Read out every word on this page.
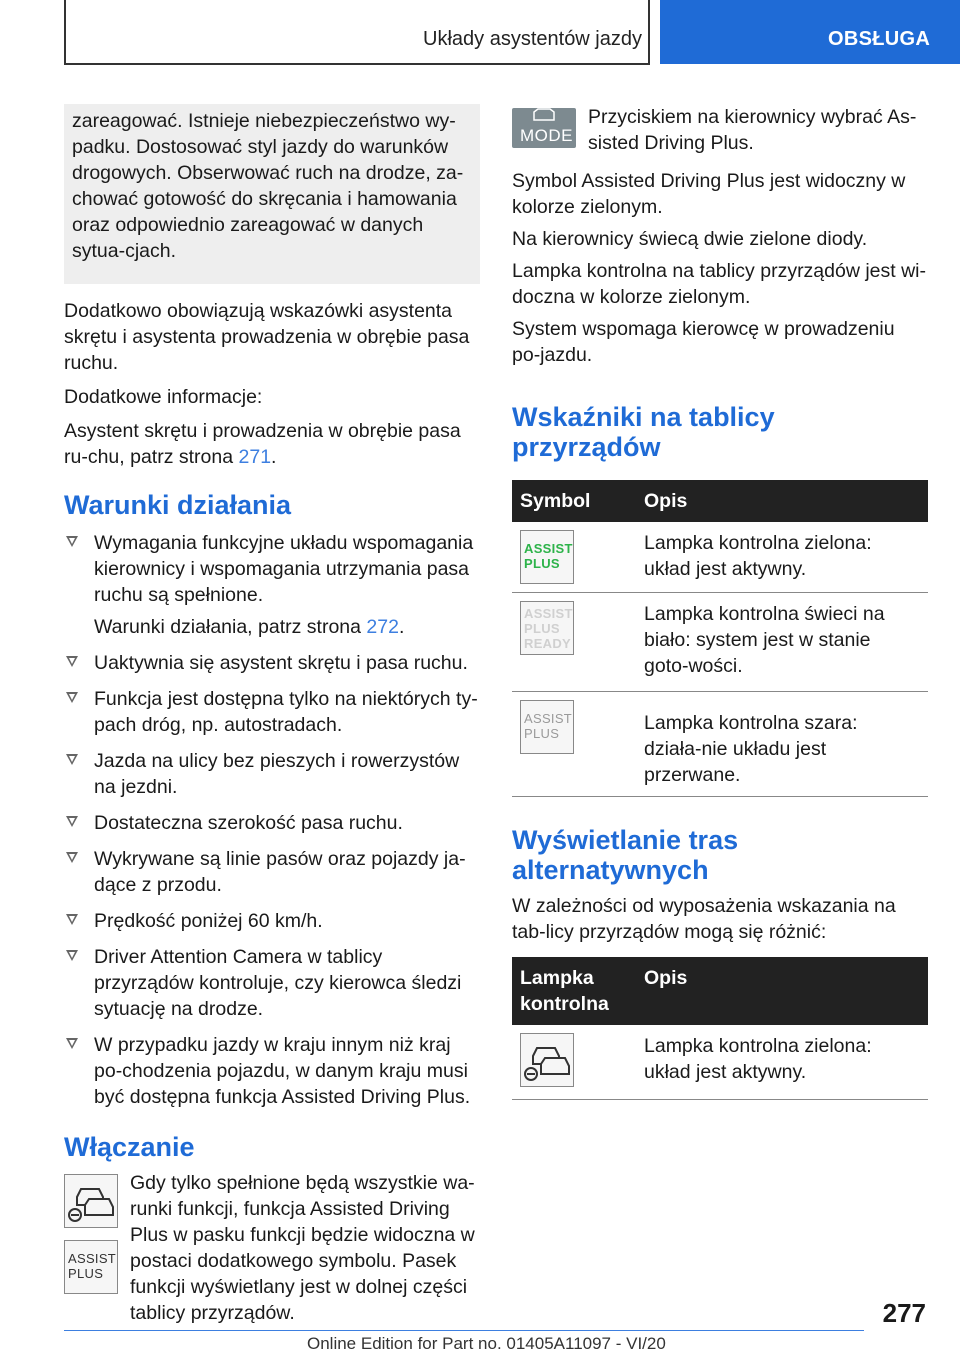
Układy asystentów jazdy	OBSŁUGA
zareagować. Istnieje niebezpieczeństwo wy-padku. Dostosować styl jazdy do warunków drogowych. Obserwować ruch na drodze, za-chować gotowość do skręcania i hamowania oraz odpowiednio zareagować w danych sytua-cjach.

Dodatkowo obowiązują wskazówki asystenta skrętu i asystenta prowadzenia w obrębie pasa ruchu.

Dodatkowe informacje:

Asystent skrętu i prowadzenia w obrębie pasa ru-chu, patrz strona 271.

Warunki działania
Wymagania funkcyjne układu wspomagania kierownicy i wspomagania utrzymania pasa ruchu są spełnione.
Warunki działania, patrz strona 272.
Uaktywnia się asystent skrętu i pasa ruchu.
Funkcja jest dostępna tylko na niektórych ty-pach dróg, np. autostradach.
Jazda na ulicy bez pieszych i rowerzystów na jezdni.
Dostateczna szerokość pasa ruchu.
Wykrywane są linie pasów oraz pojazdy ja-dące z przodu.
Prędkość poniżej 60 km/h.
Driver Attention Camera w tablicy przyrządów kontroluje, czy kierowca śledzi sytuację na drodze.
W przypadku jazdy w kraju innym niż kraj po-chodzenia pojazdu, w danym kraju musi być dostępna funkcja Assisted Driving Plus.
Włączanie
ASSIST PLUS

Gdy tylko spełnione będą wszystkie wa-runki funkcji, funkcja Assisted Driving Plus w pasku funkcji będzie widoczna w postaci dodatkowego symbolu. Pasek funkcji wyświetlany jest w dolnej części tablicy przyrządów.

MODE

Przyciskiem na kierownicy wybrać As-sisted Driving Plus.

Symbol Assisted Driving Plus jest widoczny w kolorze zielonym.

Na kierownicy świecą dwie zielone diody.

Lampka kontrolna na tablicy przyrządów jest wi-doczna w kolorze zielonym.

System wspomaga kierowcę w prowadzeniu po-jazdu.

Wskaźniki na tablicy przyrządów
Symbol	Opis

ASSIST PLUS	Lampka kontrolna zielona: układ jest aktywny.

ASSIST PLUS READY	Lampka kontrolna świeci na biało: system jest w stanie goto-wości.

ASSIST PLUS	Lampka kontrolna szara: działa-nie układu jest przerwane.
Wyświetlanie tras alternatywnych

W zależności od wyposażenia wskazania na tab-licy przyrządów mogą się różnić:

Lampka kontrolna	Opis

	Lampka kontrolna zielona: układ jest aktywny.
277
Online Edition for Part no. 01405A11097 - VI/20
